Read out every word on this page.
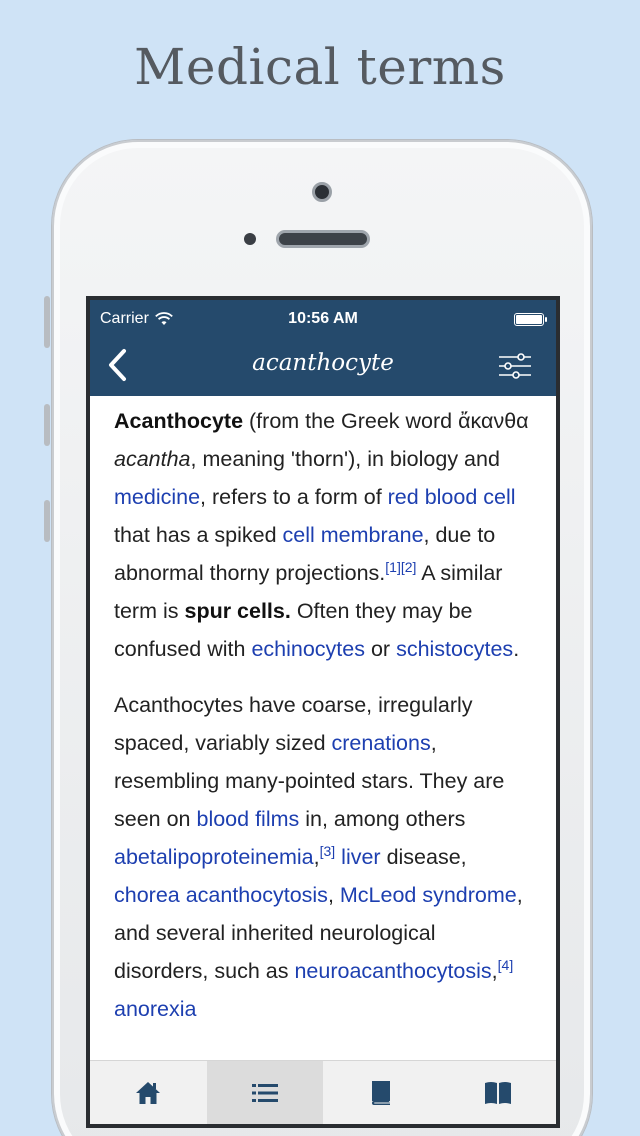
Medical terms
Carrier	10:56 AM
acanthocyte

Acanthocyte (from the Greek word ἄκανθα acantha, meaning 'thorn'), in biology and medicine, refers to a form of red blood cell that has a spiked cell membrane, due to abnormal thorny projections.[1][2] A similar term is spur cells. Often they may be confused with echinocytes or schistocytes.

Acanthocytes have coarse, irregularly spaced, variably sized crenations, resembling many-pointed stars. They are seen on blood films in, among others abetalipoproteinemia,[3] liver disease, chorea acanthocytosis, McLeod syndrome, and several inherited neurological disorders, such as neuroacanthocytosis,[4] anorexia
